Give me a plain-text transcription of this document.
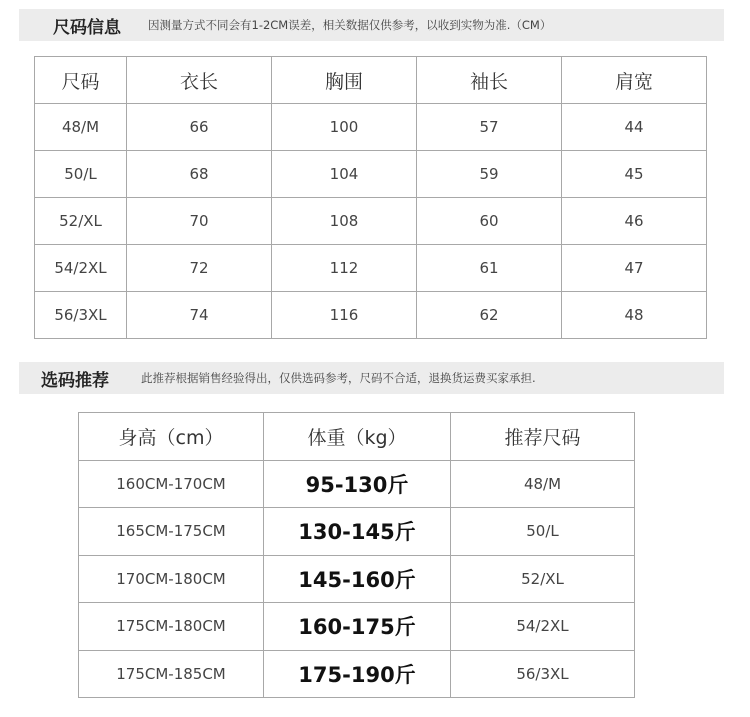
尺码信息 因测量方式不同会有1-2CM误差，相关数据仅供参考，以收到实物为准.（CM）
尺码	衣长	胸围	袖长	肩宽
48/M	66	100	57	44
50/L	68	104	59	45
52/XL	70	108	60	46
54/2XL	72	112	61	47
56/3XL	74	116	62	48
选码推荐	此推荐根据销售经验得出，仅供选码参考，尺码不合适，退换货运费买家承担.
身高（cm）	体重（kg）	推荐尺码
160CM-170CM	95-130斤	48/M
165CM-175CM	130-145斤	50/L
170CM-180CM	145-160斤	52/XL
175CM-180CM	160-175斤	54/2XL
175CM-185CM	175-190斤	56/3XL
